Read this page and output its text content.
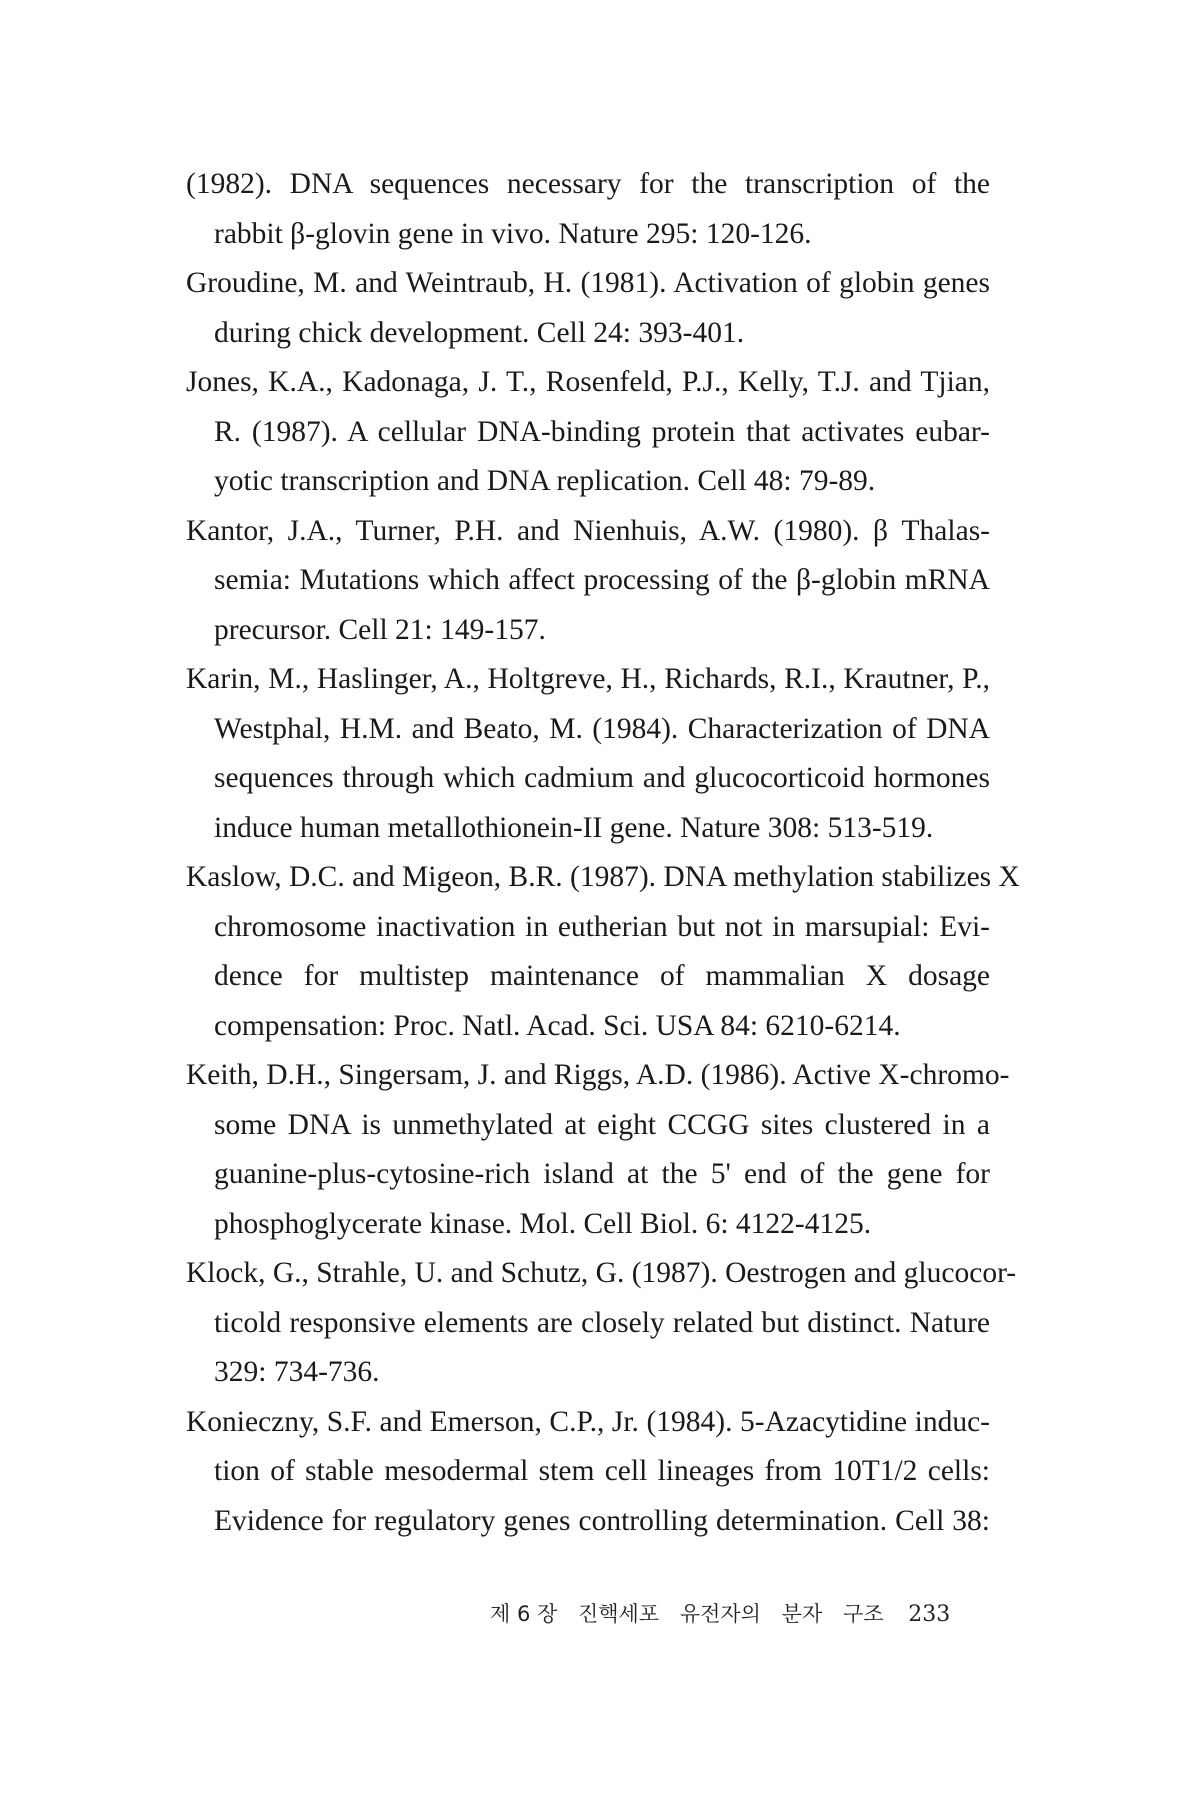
(1982). DNA sequences necessary for the transcription of the
rabbit β-glovin gene in vivo. Nature 295: 120-126.
Groudine, M. and Weintraub, H. (1981). Activation of globin genes
during chick development. Cell 24: 393-401.
Jones, K.A., Kadonaga, J. T., Rosenfeld, P.J., Kelly, T.J. and Tjian,
R. (1987). A cellular DNA-binding protein that activates eubar-
yotic transcription and DNA replication. Cell 48: 79-89.
Kantor, J.A., Turner, P.H. and Nienhuis, A.W. (1980). β Thalas-
semia: Mutations which affect processing of the β-globin mRNA
precursor. Cell 21: 149-157.
Karin, M., Haslinger, A., Holtgreve, H., Richards, R.I., Krautner, P.,
Westphal, H.M. and Beato, M. (1984). Characterization of DNA
sequences through which cadmium and glucocorticoid hormones
induce human metallothionein-II gene. Nature 308: 513-519.
Kaslow, D.C. and Migeon, B.R. (1987). DNA methylation stabilizes X
chromosome inactivation in eutherian but not in marsupial: Evi-
dence for multistep maintenance of mammalian X dosage
compensation: Proc. Natl. Acad. Sci. USA 84: 6210-6214.
Keith, D.H., Singersam, J. and Riggs, A.D. (1986). Active X-chromo-
some DNA is unmethylated at eight CCGG sites clustered in a
guanine-plus-cytosine-rich island at the 5' end of the gene for
phosphoglycerate kinase. Mol. Cell Biol. 6: 4122-4125.
Klock, G., Strahle, U. and Schutz, G. (1987). Oestrogen and glucocor-
ticold responsive elements are closely related but distinct. Nature
329: 734-736.
Konieczny, S.F. and Emerson, C.P., Jr. (1984). 5-Azacytidine induc-
tion of stable mesodermal stem cell lineages from 10T1/2 cells:
Evidence for regulatory genes controlling determination. Cell 38:
제 6 장 진핵세포 유전자의 분자 구조 233
